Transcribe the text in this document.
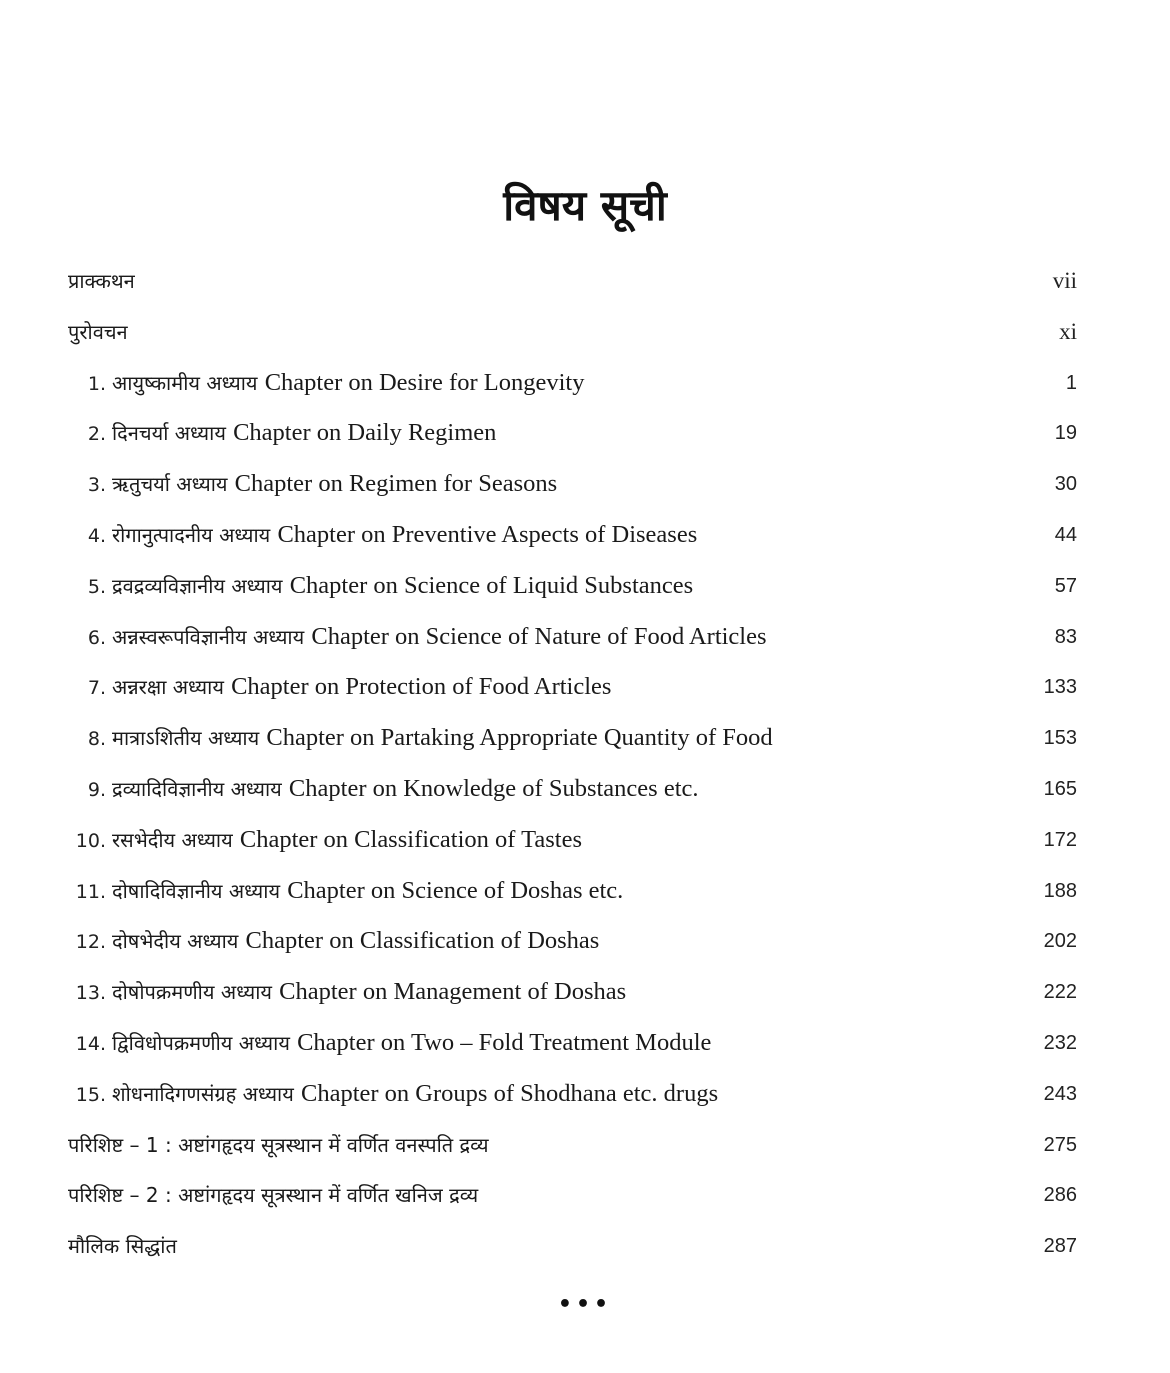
विषय सूची
प्राक्कथन	vii
पुरोवचन	xi
1. आयुष्कामीय अध्याय Chapter on Desire for Longevity	1
2. दिनचर्या अध्याय Chapter on Daily Regimen	19
3. ऋतुचर्या अध्याय Chapter on Regimen for Seasons	30
4. रोगानुत्पादनीय अध्याय Chapter on Preventive Aspects of Diseases	44
5. द्रवद्रव्यविज्ञानीय अध्याय Chapter on Science of Liquid Substances	57
6. अन्नस्वरूपविज्ञानीय अध्याय Chapter on Science of Nature of Food Articles	83
7. अन्नरक्षा अध्याय Chapter on Protection of Food Articles	133
8. मात्राऽशितीय अध्याय Chapter on Partaking Appropriate Quantity of Food	153
9. द्रव्यादिविज्ञानीय अध्याय Chapter on Knowledge of Substances etc.	165
10. रसभेदीय अध्याय Chapter on Classification of Tastes	172
11. दोषादिविज्ञानीय अध्याय Chapter on Science of Doshas etc.	188
12. दोषभेदीय अध्याय Chapter on Classification of Doshas	202
13. दोषोपक्रमणीय अध्याय Chapter on Management of Doshas	222
14. द्विविधोपक्रमणीय अध्याय Chapter on Two – Fold Treatment Module	232
15. शोधनादिगणसंग्रह अध्याय Chapter on Groups of Shodhana etc. drugs	243
परिशिष्ट – 1 : अष्टांगहृदय सूत्रस्थान में वर्णित वनस्पति द्रव्य	275
परिशिष्ट – 2 : अष्टांगहृदय सूत्रस्थान में वर्णित खनिज द्रव्य	286
मौलिक सिद्धांत	287
•••
